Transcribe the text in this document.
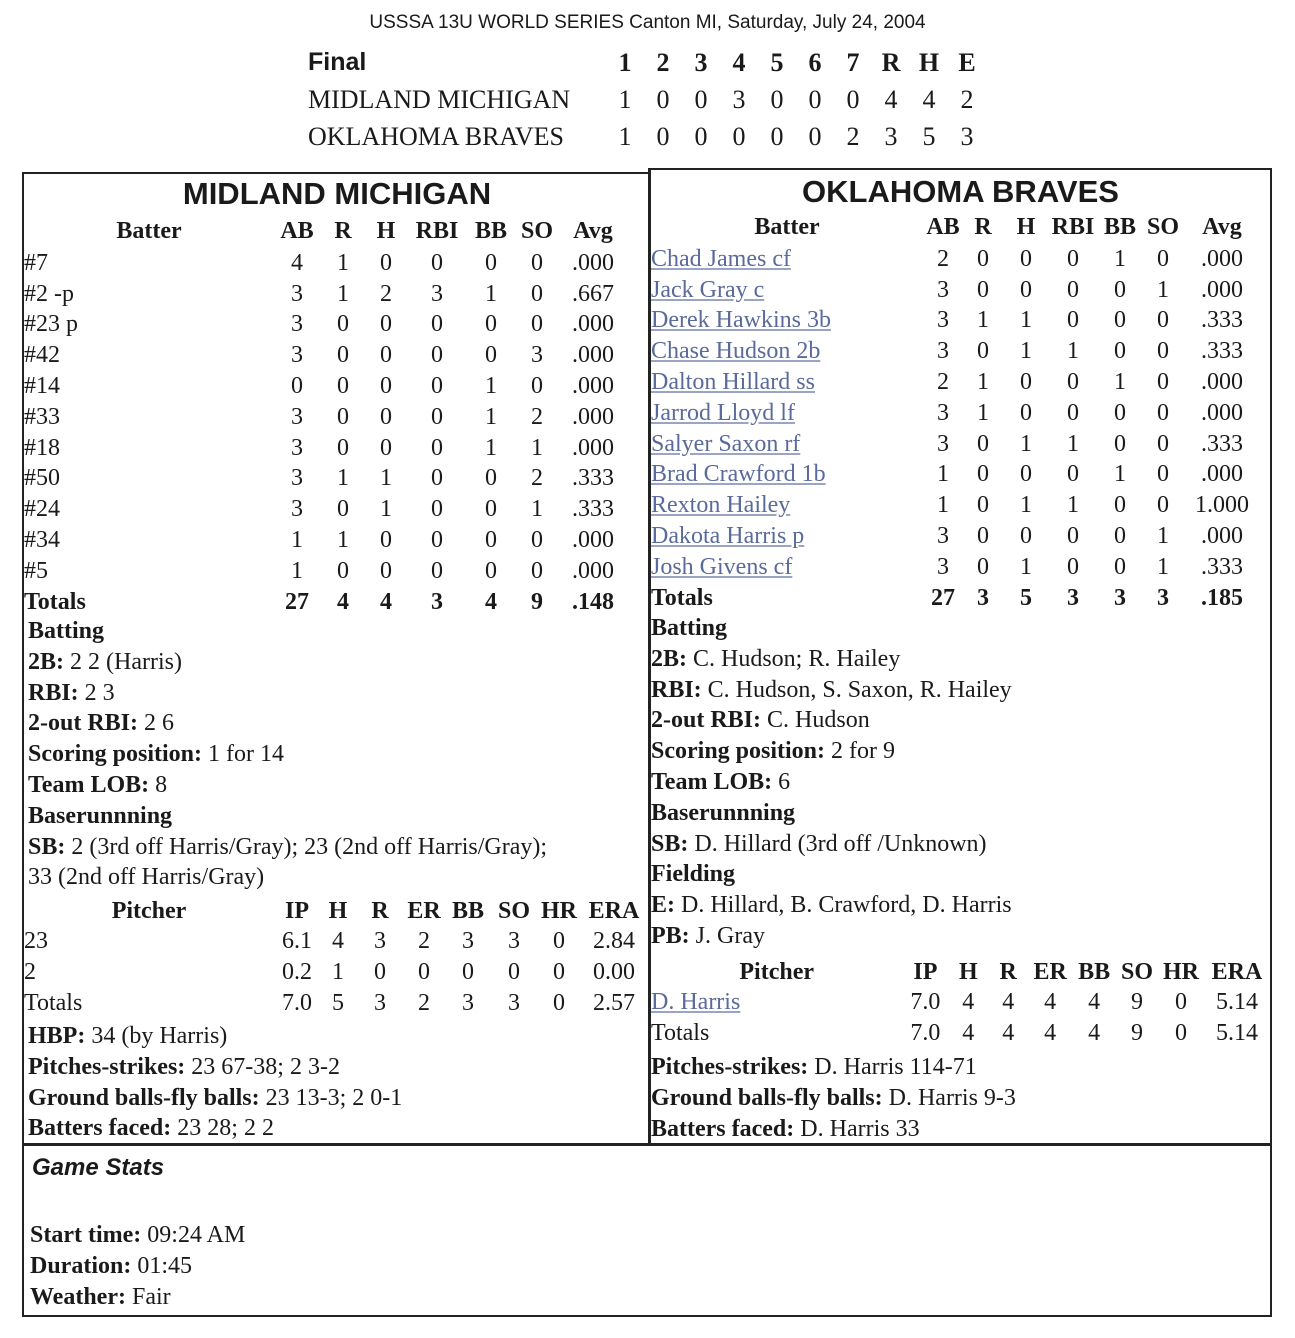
USSSA 13U WORLD SERIES Canton MI, Saturday, July 24, 2004
Final	1	2	3	4	5	6	7	R	H	E
MIDLAND MICHIGAN	1	0	0	3	0	0	0	4	4	2
OKLAHOMA BRAVES	1	0	0	0	0	0	2	3	5	3
MIDLAND MICHIGAN
Batter	AB	R	H	RBI	BB	SO	Avg
#7	4	1	0	0	0	0	.000
#2 -p	3	1	2	3	1	0	.667
#23 p	3	0	0	0	0	0	.000
#42	3	0	0	0	0	3	.000
#14	0	0	0	0	1	0	.000
#33	3	0	0	0	1	2	.000
#18	3	0	0	0	1	1	.000
#50	3	1	1	0	0	2	.333
#24	3	0	1	0	0	1	.333
#34	1	1	0	0	0	0	.000
#5	1	0	0	0	0	0	.000
Totals	27	4	4	3	4	9	.148
Batting
2B: 2 2 (Harris)
RBI: 2 3
2-out RBI: 2 6
Scoring position: 1 for 14
Team LOB: 8
Baserunnning
SB: 2 (3rd off Harris/Gray); 23 (2nd off Harris/Gray);
33 (2nd off Harris/Gray)
Pitcher	IP	H	R	ER	BB	SO	HR	ERA
23	6.1	4	3	2	3	3	0	2.84
2	0.2	1	0	0	0	0	0	0.00
Totals	7.0	5	3	2	3	3	0	2.57
HBP: 34 (by Harris)
Pitches-strikes: 23 67-38; 2 3-2
Ground balls-fly balls: 23 13-3; 2 0-1
Batters faced: 23 28; 2 2
OKLAHOMA BRAVES
Batter	AB	R	H	RBI	BB	SO	Avg
Chad James cf	2	0	0	0	1	0	.000
Jack Gray c	3	0	0	0	0	1	.000
Derek Hawkins 3b	3	1	1	0	0	0	.333
Chase Hudson 2b	3	0	1	1	0	0	.333
Dalton Hillard ss	2	1	0	0	1	0	.000
Jarrod Lloyd lf	3	1	0	0	0	0	.000
Salyer Saxon rf	3	0	1	1	0	0	.333
Brad Crawford 1b	1	0	0	0	1	0	.000
Rexton Hailey	1	0	1	1	0	0	1.000
Dakota Harris p	3	0	0	0	0	1	.000
Josh Givens cf	3	0	1	0	0	1	.333
Totals	27	3	5	3	3	3	.185
Batting
2B: C. Hudson; R. Hailey
RBI: C. Hudson, S. Saxon, R. Hailey
2-out RBI: C. Hudson
Scoring position: 2 for 9
Team LOB: 6
Baserunnning
SB: D. Hillard (3rd off /Unknown)
Fielding
E: D. Hillard, B. Crawford, D. Harris
PB: J. Gray
Pitcher	IP	H	R	ER	BB	SO	HR	ERA
D. Harris	7.0	4	4	4	4	9	0	5.14
Totals	7.0	4	4	4	4	9	0	5.14
Pitches-strikes: D. Harris 114-71
Ground balls-fly balls: D. Harris 9-3
Batters faced: D. Harris 33
Game Stats
Start time: 09:24 AM
Duration: 01:45
Weather: Fair
